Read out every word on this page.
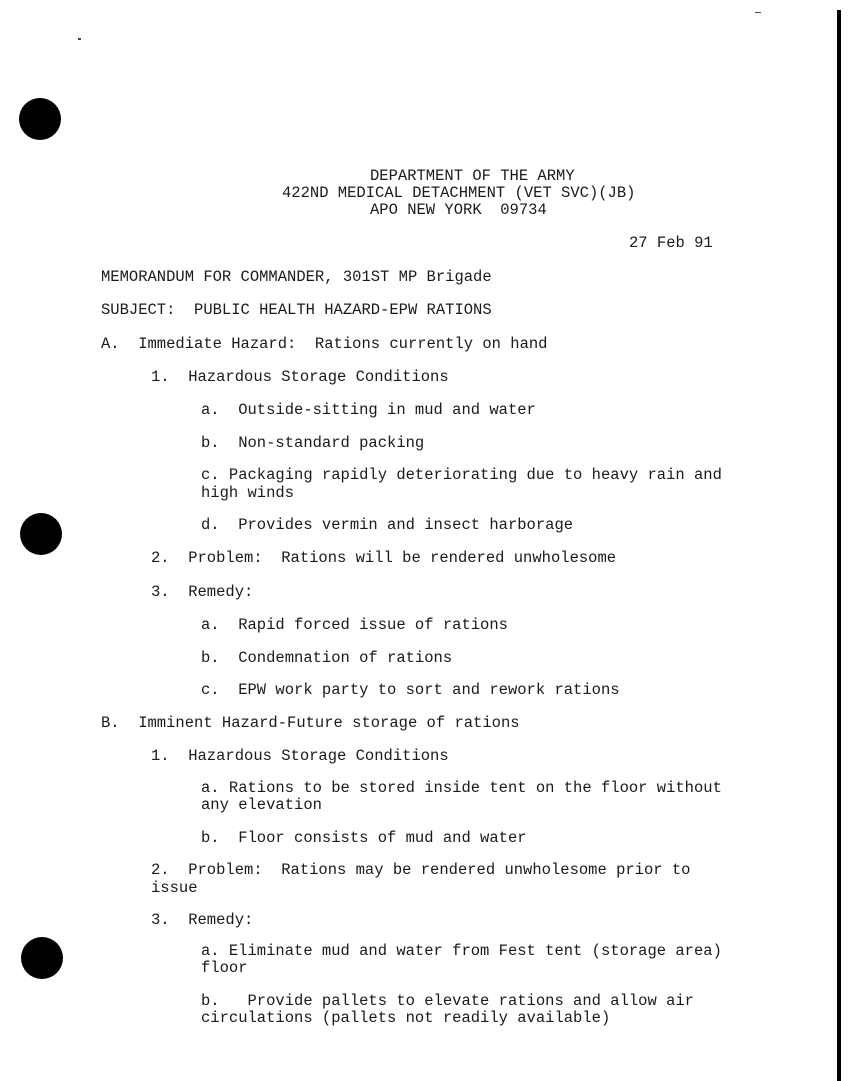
DEPARTMENT OF THE ARMY
422ND MEDICAL DETACHMENT (VET SVC)(JB)
APO NEW YORK  09734
27 Feb 91
MEMORANDUM FOR COMMANDER, 301ST MP Brigade
SUBJECT:  PUBLIC HEALTH HAZARD-EPW RATIONS
A.  Immediate Hazard:  Rations currently on hand
1.  Hazardous Storage Conditions
a.  Outside-sitting in mud and water
b.  Non-standard packing
c. Packaging rapidly deteriorating due to heavy rain and
high winds
d.  Provides vermin and insect harborage
2.  Problem:  Rations will be rendered unwholesome
3.  Remedy:
a.  Rapid forced issue of rations
b.  Condemnation of rations
c.  EPW work party to sort and rework rations
B.  Imminent Hazard-Future storage of rations
1.  Hazardous Storage Conditions
a. Rations to be stored inside tent on the floor without
any elevation
b.  Floor consists of mud and water
2.  Problem:  Rations may be rendered unwholesome prior to
issue
3.  Remedy:
a. Eliminate mud and water from Fest tent (storage area)
floor
b.   Provide pallets to elevate rations and allow air
circulations (pallets not readily available)
